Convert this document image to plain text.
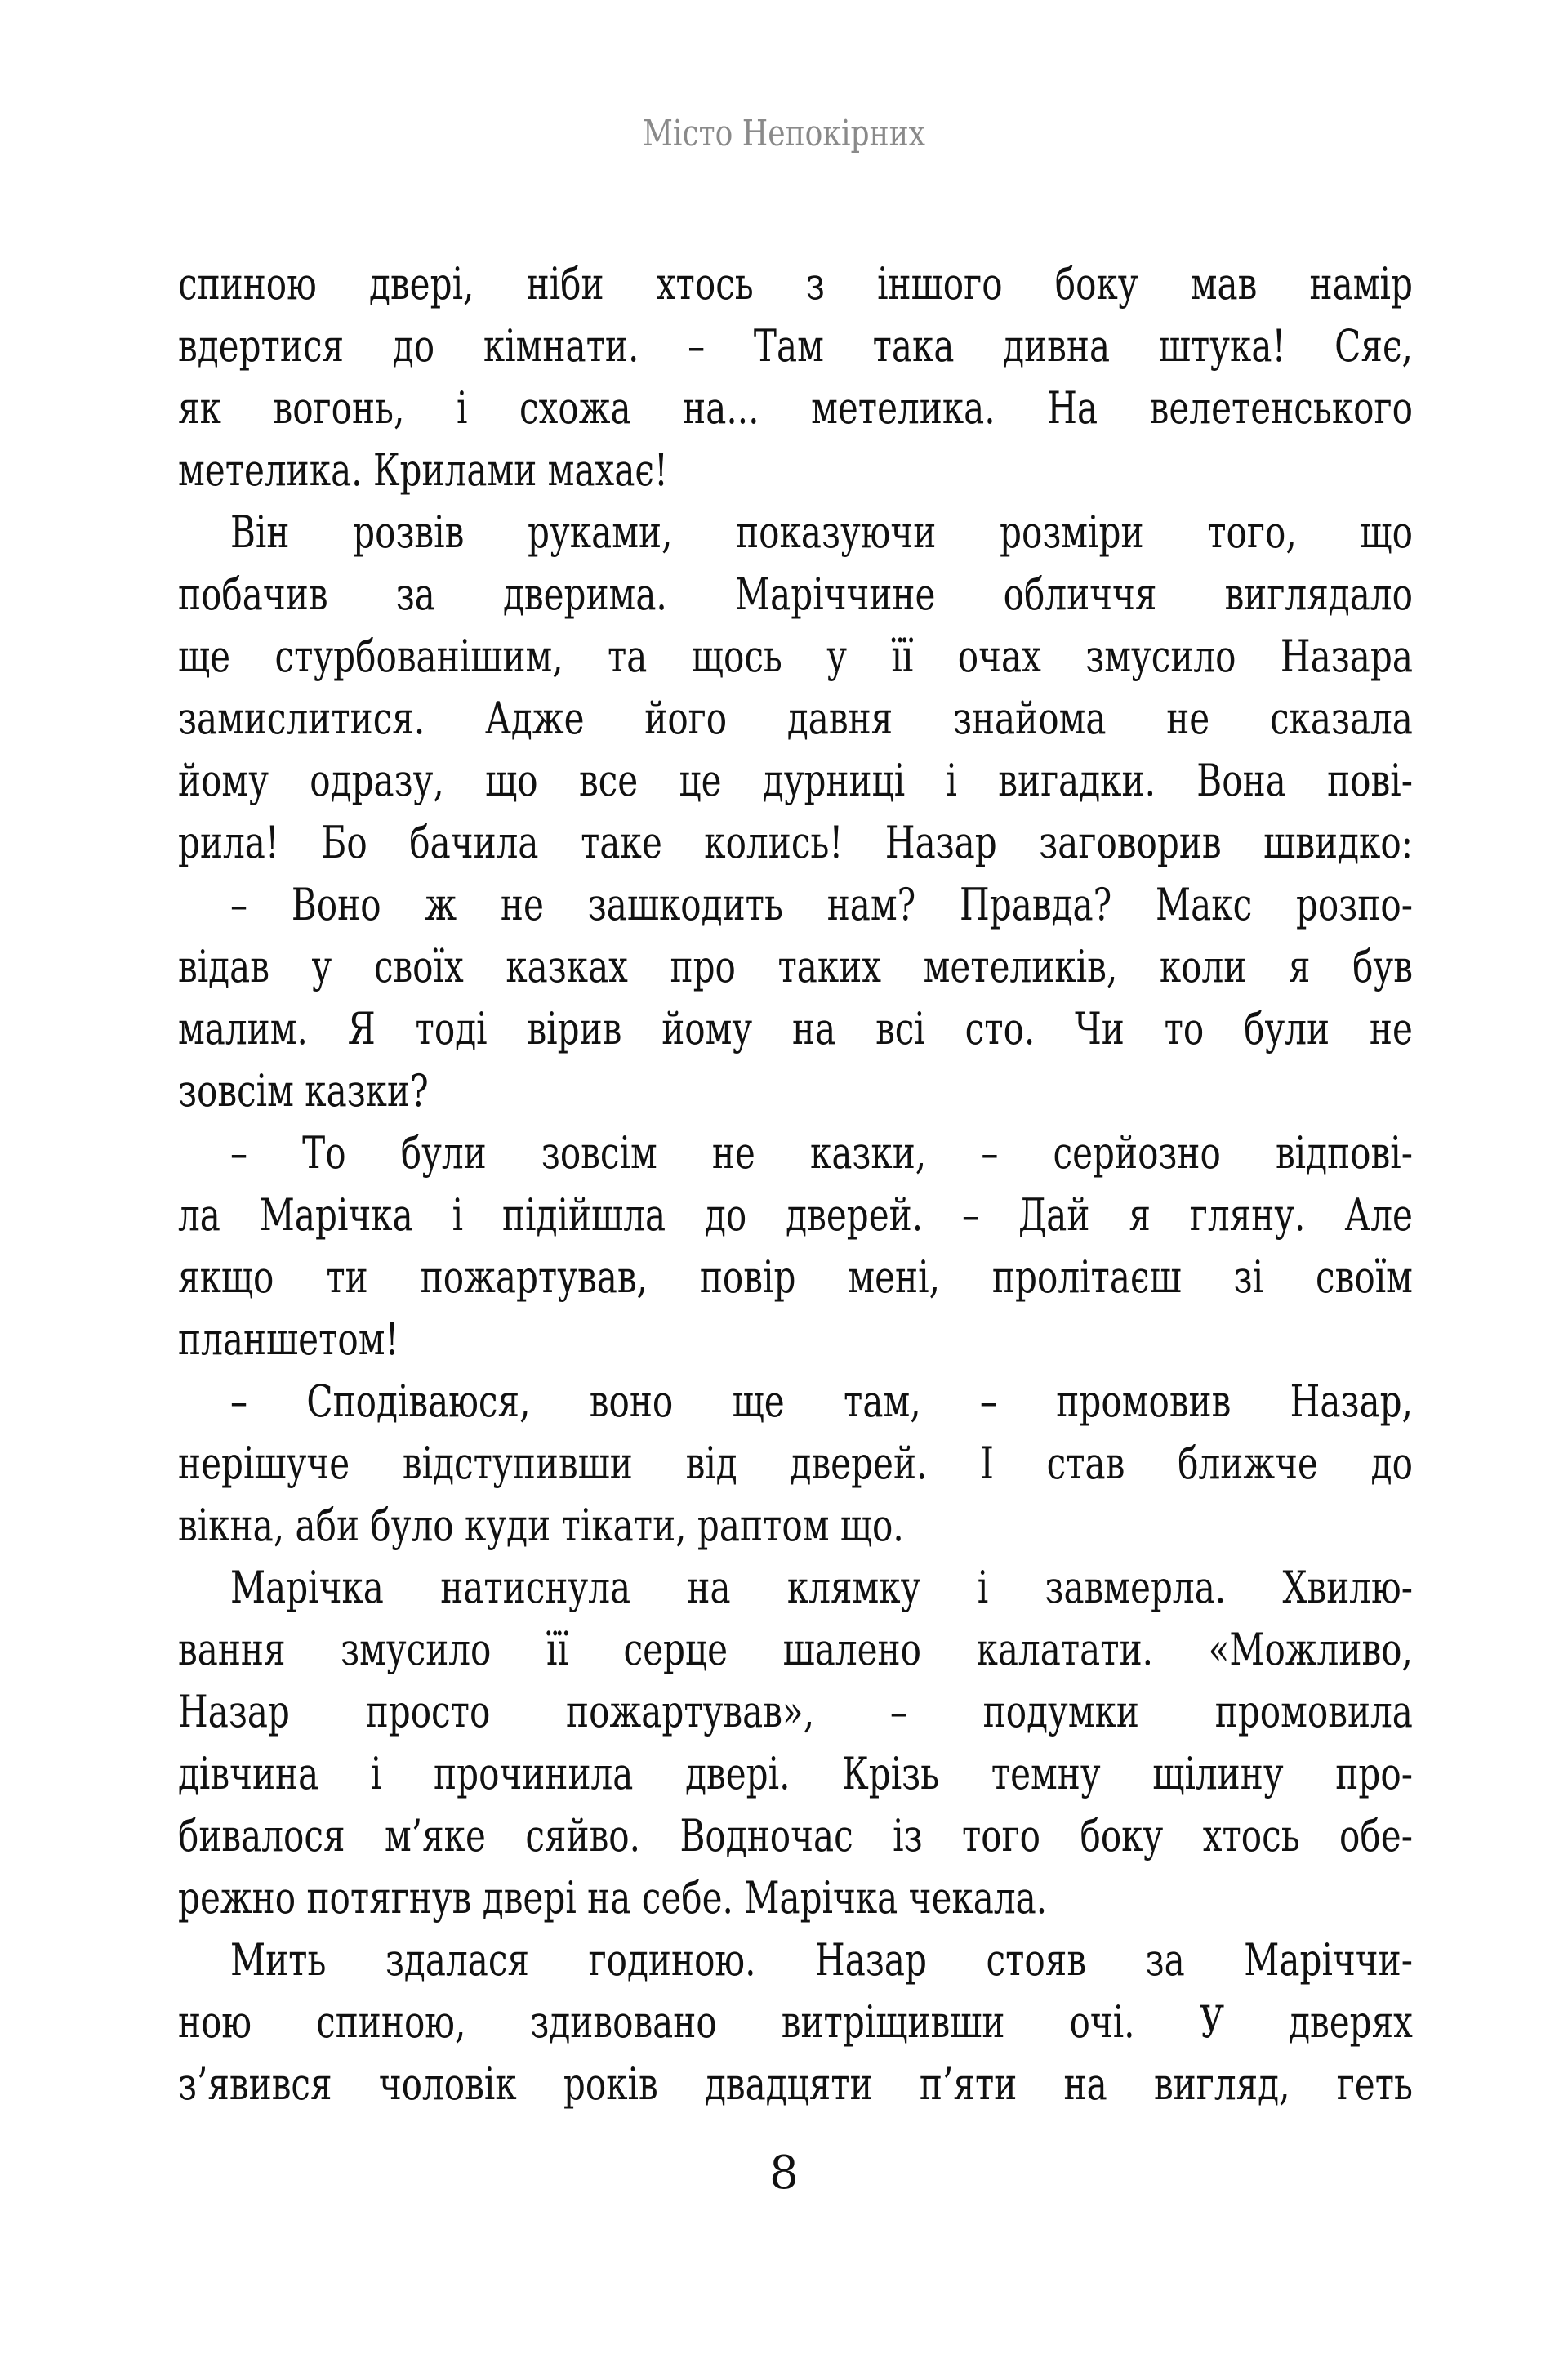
Місто Непокірних
спиною двері, ніби хтось з іншого боку мав намір
вдертися до кімнати. – Там така дивна штука! Сяє,
як вогонь, і схожа на... метелика. На велетенського
метелика. Крилами махає!
Він розвів руками, показуючи розміри того, що
побачив за дверима. Марiччине обличчя виглядало
ще стурбованішим, та щось у її очах змусило Назара
замислитися. Адже його давня знайома не сказала
йому одразу, що все це дурниці і вигадки. Вона пові-
рила! Бо бачила таке колись! Назар заговорив швидко:
– Воно ж не зашкодить нам? Правда? Макс розпо-
відав у своїх казках про таких метеликів, коли я був
малим. Я тоді вірив йому на всі сто. Чи то були не
зовсім казки?
– То були зовсім не казки, – серйозно відпові-
ла Марічка і підійшла до дверей. – Дай я гляну. Але
якщо ти пожартував, повір мені, пролітаєш зі своїм
планшетом!
– Сподіваюся, воно ще там, – промовив Назар,
нерішуче відступивши від дверей. І став ближче до
вікна, аби було куди тікати, раптом що.
Марічка натиснула на клямку і завмерла. Хвилю-
вання змусило її серце шалено калатати. «Можливо,
Назар просто пожартував», – подумки промовила
дівчина і прочинила двері. Крізь темну щілину про-
бивалося м’яке сяйво. Водночас із того боку хтось обе-
режно потягнув двері на себе. Марічка чекала.
Мить здалася годиною. Назар стояв за Марiччи-
ною спиною, здивовано витріщивши очі. У дверях
з’явився чоловік років двадцяти п’яти на вигляд, геть
8
